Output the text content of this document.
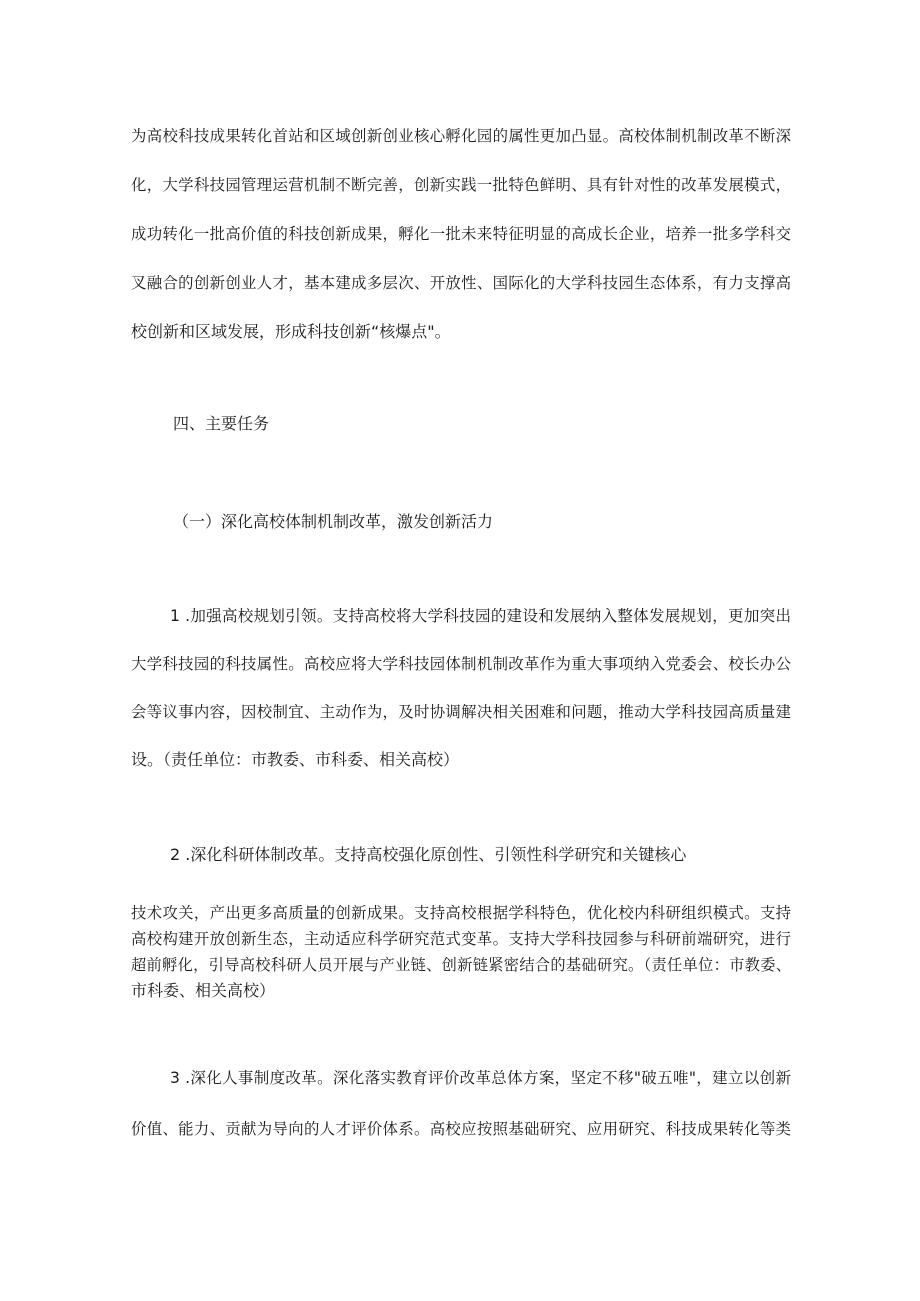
为高校科技成果转化首站和区域创新创业核心孵化园的属性更加凸显。高校体制机制改革不断深
化，大学科技园管理运营机制不断完善，创新实践一批特色鲜明、具有针对性的改革发展模式，
成功转化一批高价值的科技创新成果，孵化一批未来特征明显的高成长企业，培养一批多学科交
叉融合的创新创业人才，基本建成多层次、开放性、国际化的大学科技园生态体系，有力支撑高
校创新和区域发展，形成科技创新“核爆点"。
四、主要任务
（一）深化高校体制机制改革，激发创新活力
1 .加强高校规划引领。支持高校将大学科技园的建设和发展纳入整体发展规划，更加突出
大学科技园的科技属性。高校应将大学科技园体制机制改革作为重大事项纳入党委会、校长办公
会等议事内容，因校制宜、主动作为，及时协调解决相关困难和问题，推动大学科技园高质量建
设。（责任单位：市教委、市科委、相关高校）
2 .深化科研体制改革。支持高校强化原创性、引领性科学研究和关键核心
技术攻关，产出更多高质量的创新成果。支持高校根据学科特色，优化校内科研组织模式。支持
高校构建开放创新生态，主动适应科学研究范式变革。支持大学科技园参与科研前端研究，进行
超前孵化，引导高校科研人员开展与产业链、创新链紧密结合的基础研究。（责任单位：市教委、
市科委、相关高校）
3 .深化人事制度改革。深化落实教育评价改革总体方案，坚定不移"破五唯"，建立以创新
价值、能力、贡献为导向的人才评价体系。高校应按照基础研究、应用研究、科技成果转化等类
